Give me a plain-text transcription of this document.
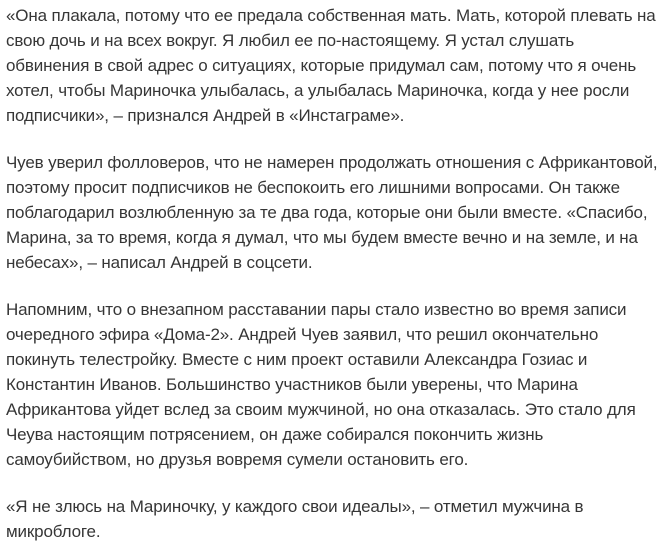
«Она плакала, потому что ее предала собственная мать. Мать, которой плевать на
свою дочь и на всех вокруг. Я любил ее по-настоящему. Я устал слушать
обвинения в свой адрес о ситуациях, которые придумал сам, потому что я очень
хотел, чтобы Мариночка улыбалась, а улыбалась Мариночка, когда у нее росли
подписчики», – признался Андрей в «Инстаграме».

Чуев уверил фолловеров, что не намерен продолжать отношения с Африкантовой,
поэтому просит подписчиков не беспокоить его лишними вопросами. Он также
поблагодарил возлюбленную за те два года, которые они были вместе. «Спасибо,
Марина, за то время, когда я думал, что мы будем вместе вечно и на земле, и на
небесах», – написал Андрей в соцсети.

Напомним, что о внезапном расставании пары стало известно во время записи
очередного эфира «Дома-2». Андрей Чуев заявил, что решил окончательно
покинуть телестройку. Вместе с ним проект оставили Александра Гозиас и
Константин Иванов. Большинство участников были уверены, что Марина
Африкантова уйдет вслед за своим мужчиной, но она отказалась. Это стало для
Чеува настоящим потрясением, он даже собирался покончить жизнь
самоубийством, но друзья вовремя сумели остановить его.

«Я не злюсь на Мариночку, у каждого свои идеалы», – отметил мужчина в
микроблоге.
